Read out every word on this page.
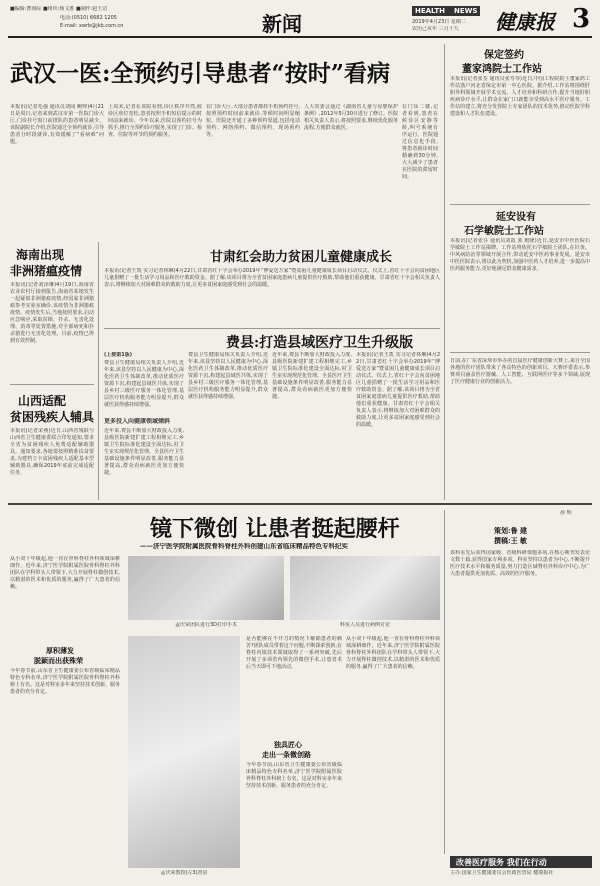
■编辑:曹海际 ■组织:杨文胜 ■制作:赵玉洁
电话:(0510) 6682 1205
E-mail: xwrb@jkb.com.cn	新闻
HEALTH NEWS
2019年4月23日 星期二
农历己亥年 三月十九	健康报 3
武汉一医:全预约引导患者“按时”看病
本报讯(记者毛强 通讯员刘闻 鲍帅)4月21日是周日,记者来到武汉市第一医院门诊大厅,门诊挂号窗口前排队的患者明显减少。该院副院长介绍,医院通过全预约就诊,引导患者分时段就诊,有效缓解了“看病难”问题。
上周末,记者在该院看到,诊区秩序井然,候诊区座位宽松,患者按照手机短信提示的时间前来就诊。今年以来,医院以预约挂号为抓手,推行全预约诊疗服务,实现了门诊、检查、住院等环节的预约服务。
在门诊大厅,大部分患者都持手机预约挂号,按照预约时间前来就诊,等候时间明显缩短。医院还开通了多种预约渠道,包括电话预约、网络预约、微信预约、现场预约等。
人大常委会通过《湖南省儿童与母婴保护条例》,2012年5月30日进行了修订。医院相关负责人表示,将按照要求,继续优化服务流程,方便群众就医。
在门诊二楼,记者看到,患者在候诊区安静等候,叫号系统有序运行。医院通过信息化手段,将患者就诊时间精确到30分钟,大大减少了患者在医院的滞留时间。
海南出现
非洲猪瘟疫情
本报讯(记者刘泽琳)4月19日,海南省农业农村厅接到报告,海南省某地发生一起疑似非洲猪瘟疫情,经国家非洲猪瘟参考实验室确诊,该疫情为非洲猪瘟疫情。疫情发生后,当地按照要求,启动应急响应,采取封锁、扑杀、无害化处理、消毒等处置措施,对全部病死和扑杀猪进行无害化处理。目前,疫情已得到有效控制。
山西适配
贫困残疾人辅具
本报讯(记者宋燕)近日,山西省残联与山西省卫生健康委联合印发通知,要求全省为贫困残疾人免费适配辅助器具。通知要求,各地要按照精准扶贫要求,为建档立卡贫困残疾人适配基本型辅助器具,确保2019年底前完成适配任务。
甘肃红会助力贫困儿童健康成长
本报讯(记者王凯 实习记者林琳)4月22日,甘肃省红十字会举办2019年“博爱送万家”暨贫困儿童健康成长项目启动仪式。仪式上,省红十字会向贫困地区儿童捐赠了一批生活学习用品和医疗救助资金。据了解,该项目将为全省贫困家庭患病儿童提供医疗救助,帮助他们重获健康。甘肃省红十字会相关负责人表示,将继续加大对困难群众的救助力度,让更多贫困家庭感受到社会的温暖。
费县:打造县域医疗卫生升级版
(上接第1版)
费县卫生健康局相关负责人介绍,近年来,该县坚持以人民健康为中心,深化医药卫生体制改革,推动优质医疗资源下沉,构建起县域医共体,实现了县乡村三级医疗服务一体化管理,基层医疗机构服务能力明显提升,群众就医获得感持续增强。
更多投入向健康领域倾斜
近年来,费县不断加大财政投入力度,县级医院新建扩建工程相继完工,乡镇卫生院标准化建设全面达标,村卫生室实现规范化管理。全县医疗卫生基础设施条件明显改善,服务能力显著提高,群众看病就医更加方便快捷。
费县卫生健康局相关负责人介绍,近年来,该县坚持以人民健康为中心,深化医药卫生体制改革,推动优质医疗资源下沉,构建起县域医共体,实现了县乡村三级医疗服务一体化管理,基层医疗机构服务能力明显提升,群众就医获得感持续增强。
近年来,费县不断加大财政投入力度,县级医院新建扩建工程相继完工,乡镇卫生院标准化建设全面达标,村卫生室实现规范化管理。全县医疗卫生基础设施条件明显改善,服务能力显著提高,群众看病就医更加方便快捷。
本报讯(记者王凯 实习记者林琳)4月22日,甘肃省红十字会举办2019年“博爱送万家”暨贫困儿童健康成长项目启动仪式。仪式上,省红十字会向贫困地区儿童捐赠了一批生活学习用品和医疗救助资金。据了解,该项目将为全省贫困家庭患病儿童提供医疗救助,帮助他们重获健康。甘肃省红十字会相关负责人表示,将继续加大对困难群众的救助力度,让更多贫困家庭感受到社会的温暖。
保定签约
董家鸿院士工作站
本报讯(记者张荃 通讯员张寿琴)近日,中国工程院院士董家鸿工作站落户河北省保定市第一中心医院。据介绍,工作站将围绕肝胆外科领域开展学术交流、人才培养和科研合作,提升当地肝胆疾病诊疗水平,让群众在家门口就能享受到高水平医疗服务。工作站的建立,将充分发挥院士专家团队的技术优势,推动医院学科建设和人才队伍建设。
延安设有
石学敏院士工作站
本报讯(记者张芬 通讯员刘霞 郭 殿隆)近日,延安市中医医院石学敏院士工作站揭牌。工作站将依托石学敏院士团队,在针灸、中风病防治等领域开展合作,带动延安中医药事业发展。延安市中医医院表示,将以此为契机,加强中医药人才培养,进一步提高中医药服务能力,更好地满足群众健康需求。
日前,在广东省深圳市举办的首届医疗健康创新大赛上,来自全国各地的医疗团队带来了各具特色的创新项目。大赛评委表示,参赛项目涵盖医疗器械、人工智能、互联网医疗等多个领域,展现了医疗健康行业的创新活力。
镜下微创 让患者挺起腰杆
——济宁医学院附属医院骨科脊柱外科创建山东省临床精品特色专科纪实
从小双十年级起,他一直在骨科脊柱外科领域深耕细作。近年来,济宁医学院附属医院骨科脊柱外科团队在学科带头人带领下,大力开展脊柱微创技术,以精湛的医术和优质的服务,赢得了广大患者的信赖。
厚积薄发
脱颖而出获殊荣
今年春节前,山东省卫生健康委公布省级临床精品特色专科名单,济宁医学院附属医院骨科脊柱外科榜上有名。这是对科室多年来坚持技术创新、服务患者的充分肯定。
孟庆荣团队进行3D打印手术	科室人员进行病例讨论
孟庆荣教授(左3)查房
是否能够在不开刀的情况下解除患者的痛苦?团队成员带着这个问题,不断探索创新,在脊柱内镜技术领域取得了一系列突破,先后开展了多项省内领先的微创手术,让患者术后当天即可下地活动。
独具匠心
走出一条微创路
今年春节前,山东省卫生健康委公布省级临床精品特色专科名单,济宁医学院附属医院骨科脊柱外科榜上有名。这是对科室多年来坚持技术创新、服务患者的充分肯定。
从小双十年级起,他一直在骨科脊柱外科领域深耕细作。近年来,济宁医学院附属医院骨科脊柱外科团队在学科带头人带领下,大力开展脊柱微创技术,以精湛的医术和优质的服务,赢得了广大患者的信赖。
孙 辉
策划:鲁 建
撰稿:王 敏
该科室先后获得国家级、省级科研课题多项,在核心期刊发表论文数十篇,获得国家专利多项。科室坚持以患者为中心,不断提升医疗技术水平和服务质量,努力打造区域脊柱外科诊疗中心,为广大患者提供更加优质、高效的医疗服务。
改善医疗服务 我们在行动
主办:国家卫生健康委员会医政医管局 健康报社
